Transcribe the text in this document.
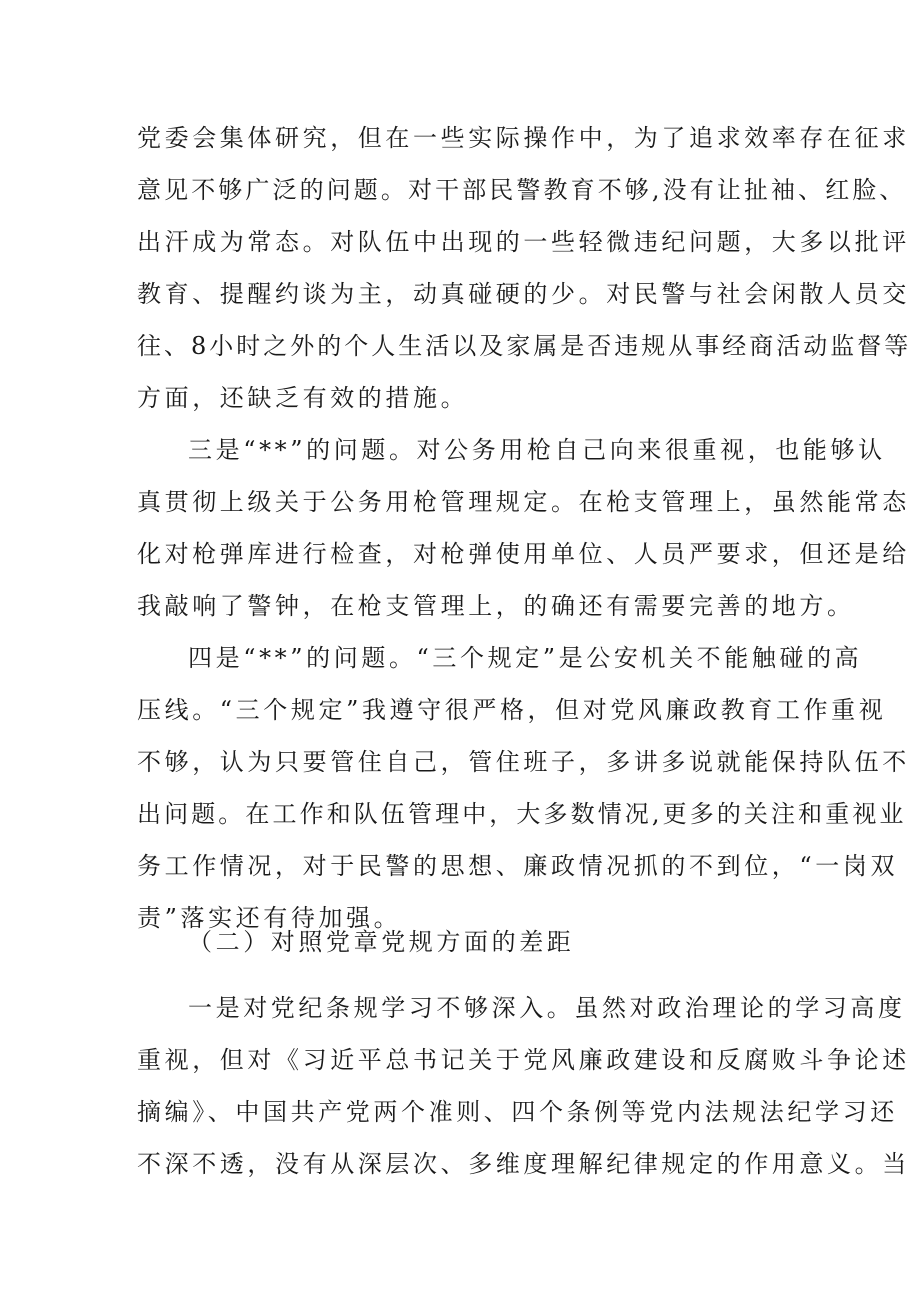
党委会集体研究，但在一些实际操作中，为了追求效率存在征求
意见不够广泛的问题。对干部民警教育不够,没有让扯袖、红脸、
出汗成为常态。对队伍中出现的一些轻微违纪问题，大多以批评
教育、提醒约谈为主，动真碰硬的少。对民警与社会闲散人员交
往、8小时之外的个人生活以及家属是否违规从事经商活动监督等
方面，还缺乏有效的措施。
三是“**”的问题。对公务用枪自己向来很重视，也能够认
真贯彻上级关于公务用枪管理规定。在枪支管理上，虽然能常态
化对枪弹库进行检查，对枪弹使用单位、人员严要求，但还是给
我敲响了警钟，在枪支管理上，的确还有需要完善的地方。
四是“**”的问题。“三个规定”是公安机关不能触碰的高
压线。“三个规定”我遵守很严格，但对党风廉政教育工作重视
不够，认为只要管住自己，管住班子，多讲多说就能保持队伍不
出问题。在工作和队伍管理中，大多数情况,更多的关注和重视业
务工作情况，对于民警的思想、廉政情况抓的不到位，“一岗双
责”落实还有待加强。
（二）对照党章党规方面的差距
一是对党纪条规学习不够深入。虽然对政治理论的学习高度
重视，但对《习近平总书记关于党风廉政建设和反腐败斗争论述
摘编》、中国共产党两个准则、四个条例等党内法规法纪学习还
不深不透，没有从深层次、多维度理解纪律规定的作用意义。当
